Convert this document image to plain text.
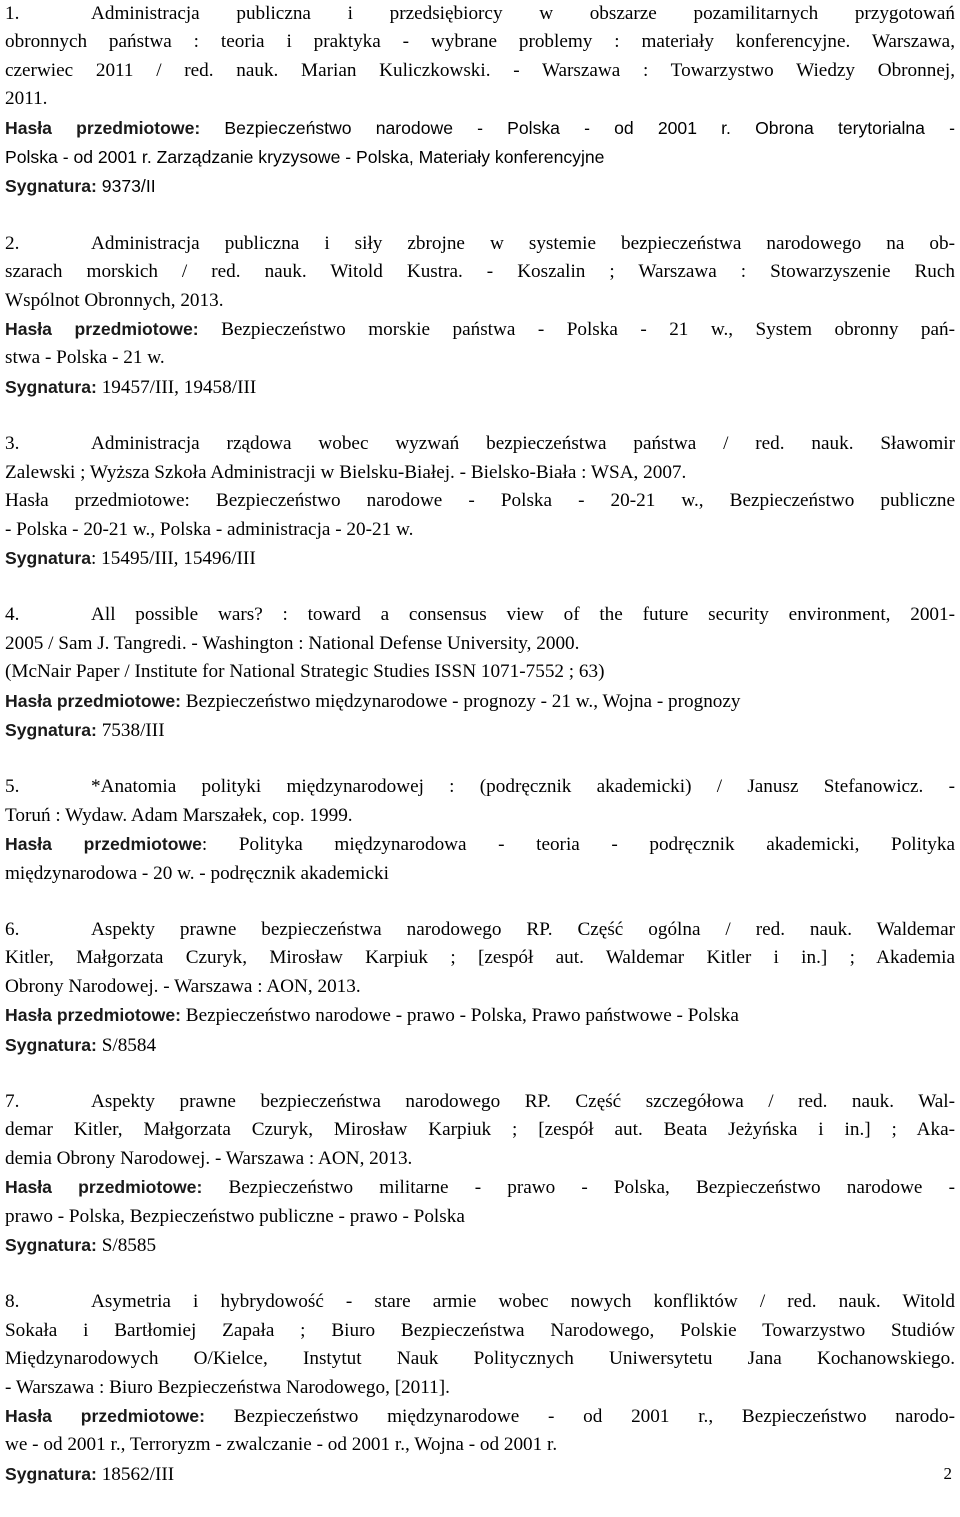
1.	Administracja publiczna i przedsiębiorcy w obszarze pozamilitarnych przygotowań
obronnych państwa : teoria i praktyka - wybrane problemy : materiały konferencyjne. Warszawa,
czerwiec 2011 / red. nauk. Marian Kuliczkowski. - Warszawa : Towarzystwo Wiedzy Obronnej,
2011.
Hasła przedmiotowe: Bezpieczeństwo narodowe - Polska - od 2001 r. Obrona terytorialna -
Polska - od 2001 r. Zarządzanie kryzysowe - Polska, Materiały konferencyjne
Sygnatura: 9373/II
2.	Administracja publiczna i siły zbrojne w systemie bezpieczeństwa narodowego na ob-
szarach morskich / red. nauk. Witold Kustra. - Koszalin ; Warszawa : Stowarzyszenie Ruch
Wspólnot Obronnych, 2013.
Hasła przedmiotowe: Bezpieczeństwo morskie państwa - Polska - 21 w., System obronny pań-
stwa - Polska - 21 w.
Sygnatura: 19457/III, 19458/III
3.	Administracja rządowa wobec wyzwań bezpieczeństwa państwa / red. nauk. Sławomir
Zalewski ; Wyższa Szkoła Administracji w Bielsku-Białej. - Bielsko-Biała : WSA, 2007.
Hasła przedmiotowe: Bezpieczeństwo narodowe - Polska - 20-21 w., Bezpieczeństwo publiczne
- Polska - 20-21 w., Polska - administracja - 20-21 w.
Sygnatura: 15495/III, 15496/III
4.	All possible wars? : toward a consensus view of the future security environment, 2001-
2005 / Sam J. Tangredi. - Washington : National Defense University, 2000.
(McNair Paper / Institute for National Strategic Studies ISSN 1071-7552 ; 63)
Hasła przedmiotowe: Bezpieczeństwo międzynarodowe - prognozy - 21 w., Wojna - prognozy
Sygnatura: 7538/III
5.	*Anatomia polityki międzynarodowej : (podręcznik akademicki) / Janusz Stefanowicz. -
Toruń : Wydaw. Adam Marszałek, cop. 1999.
Hasła przedmiotowe: Polityka międzynarodowa - teoria - podręcznik akademicki, Polityka
międzynarodowa - 20 w. - podręcznik akademicki
6.	Aspekty prawne bezpieczeństwa narodowego RP. Część ogólna / red. nauk. Waldemar
Kitler, Małgorzata Czuryk, Mirosław Karpiuk ; [zespół aut. Waldemar Kitler i in.] ; Akademia
Obrony Narodowej. - Warszawa : AON, 2013.
Hasła przedmiotowe: Bezpieczeństwo narodowe - prawo - Polska, Prawo państwowe - Polska
Sygnatura: S/8584
7.	Aspekty prawne bezpieczeństwa narodowego RP. Część szczegółowa / red. nauk. Wal-
demar Kitler, Małgorzata Czuryk, Mirosław Karpiuk ; [zespół aut. Beata Jeżyńska i in.] ; Aka-
demia Obrony Narodowej. - Warszawa : AON, 2013.
Hasła przedmiotowe: Bezpieczeństwo militarne - prawo - Polska, Bezpieczeństwo narodowe -
prawo - Polska, Bezpieczeństwo publiczne - prawo - Polska
Sygnatura: S/8585
8.	Asymetria i hybrydowość - stare armie wobec nowych konfliktów / red. nauk. Witold
Sokała i Bartłomiej Zapała ; Biuro Bezpieczeństwa Narodowego, Polskie Towarzystwo Studiów
Międzynarodowych O/Kielce, Instytut Nauk Politycznych Uniwersytetu Jana Kochanowskiego.
- Warszawa : Biuro Bezpieczeństwa Narodowego, [2011].
Hasła przedmiotowe: Bezpieczeństwo międzynarodowe - od 2001 r., Bezpieczeństwo narodo-
we - od 2001 r., Terroryzm - zwalczanie - od 2001 r., Wojna - od 2001 r.
Sygnatura: 18562/III	2
